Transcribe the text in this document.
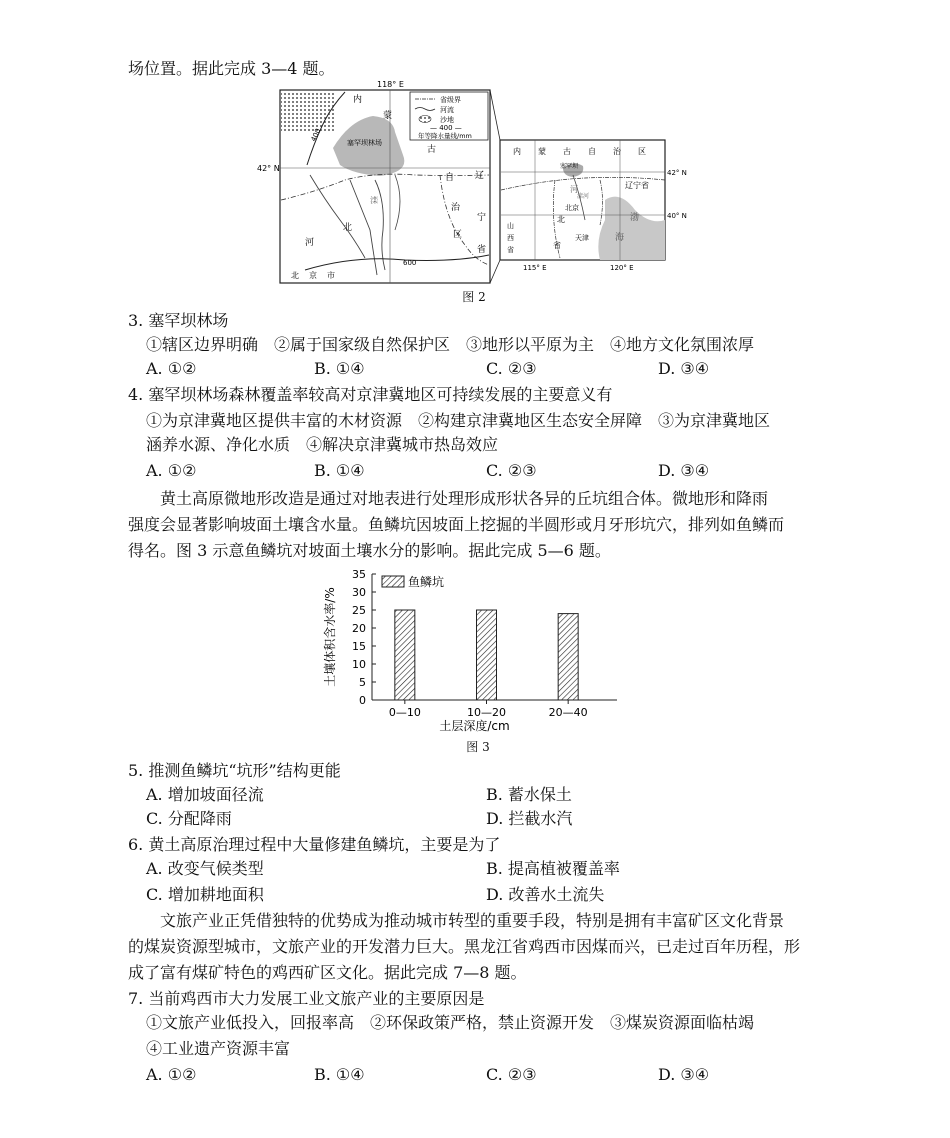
场位置。据此完成 3—4 题。
118° E
42° N
省级界
河流
沙地
— 400 —
年等降水量线/mm
内
蒙
古
自
治
区
辽
宁
省
河
北
北 京 市
滦
塞罕坝林场
400
600
内 蒙 古 自 治 区
辽宁省
河
北
省
山
西
省
北京
天津
渤
海
塞罕坝
滦河
42° N
40° N
115° E	120° E
图 2
3. 塞罕坝林场
①辖区边界明确　②属于国家级自然保护区　③地形以平原为主　④地方文化氛围浓厚
A. ①②	B. ①④	C. ②③	D. ③④
4. 塞罕坝林场森林覆盖率较高对京津冀地区可持续发展的主要意义有
①为京津冀地区提供丰富的木材资源　②构建京津冀地区生态安全屏障　③为京津冀地区
涵养水源、净化水质　④解决京津冀城市热岛效应
A. ①②	B. ①④	C. ②③	D. ③④
黄土高原微地形改造是通过对地表进行处理形成形状各异的丘坑组合体。微地形和降雨
强度会显著影响坡面土壤含水量。鱼鳞坑因坡面上挖掘的半圆形或月牙形坑穴，排列如鱼鳞而
得名。图 3 示意鱼鳞坑对坡面土壤水分的影响。据此完成 5—6 题。
0
5
10
15
20
25
30
35
0—10	10—20	20—40
鱼鳞坑
土层深度/cm
土壤体积含水率/%
图 3
5. 推测鱼鳞坑“坑形”结构更能
A. 增加坡面径流	B. 蓄水保土
C. 分配降雨	D. 拦截水汽
6. 黄土高原治理过程中大量修建鱼鳞坑，主要是为了
A. 改变气候类型	B. 提高植被覆盖率
C. 增加耕地面积	D. 改善水土流失
文旅产业正凭借独特的优势成为推动城市转型的重要手段，特别是拥有丰富矿区文化背景
的煤炭资源型城市，文旅产业的开发潜力巨大。黑龙江省鸡西市因煤而兴，已走过百年历程，形
成了富有煤矿特色的鸡西矿区文化。据此完成 7—8 题。
7. 当前鸡西市大力发展工业文旅产业的主要原因是
①文旅产业低投入，回报率高　②环保政策严格，禁止资源开发　③煤炭资源面临枯竭
④工业遗产资源丰富
A. ①②	B. ①④	C. ②③	D. ③④
